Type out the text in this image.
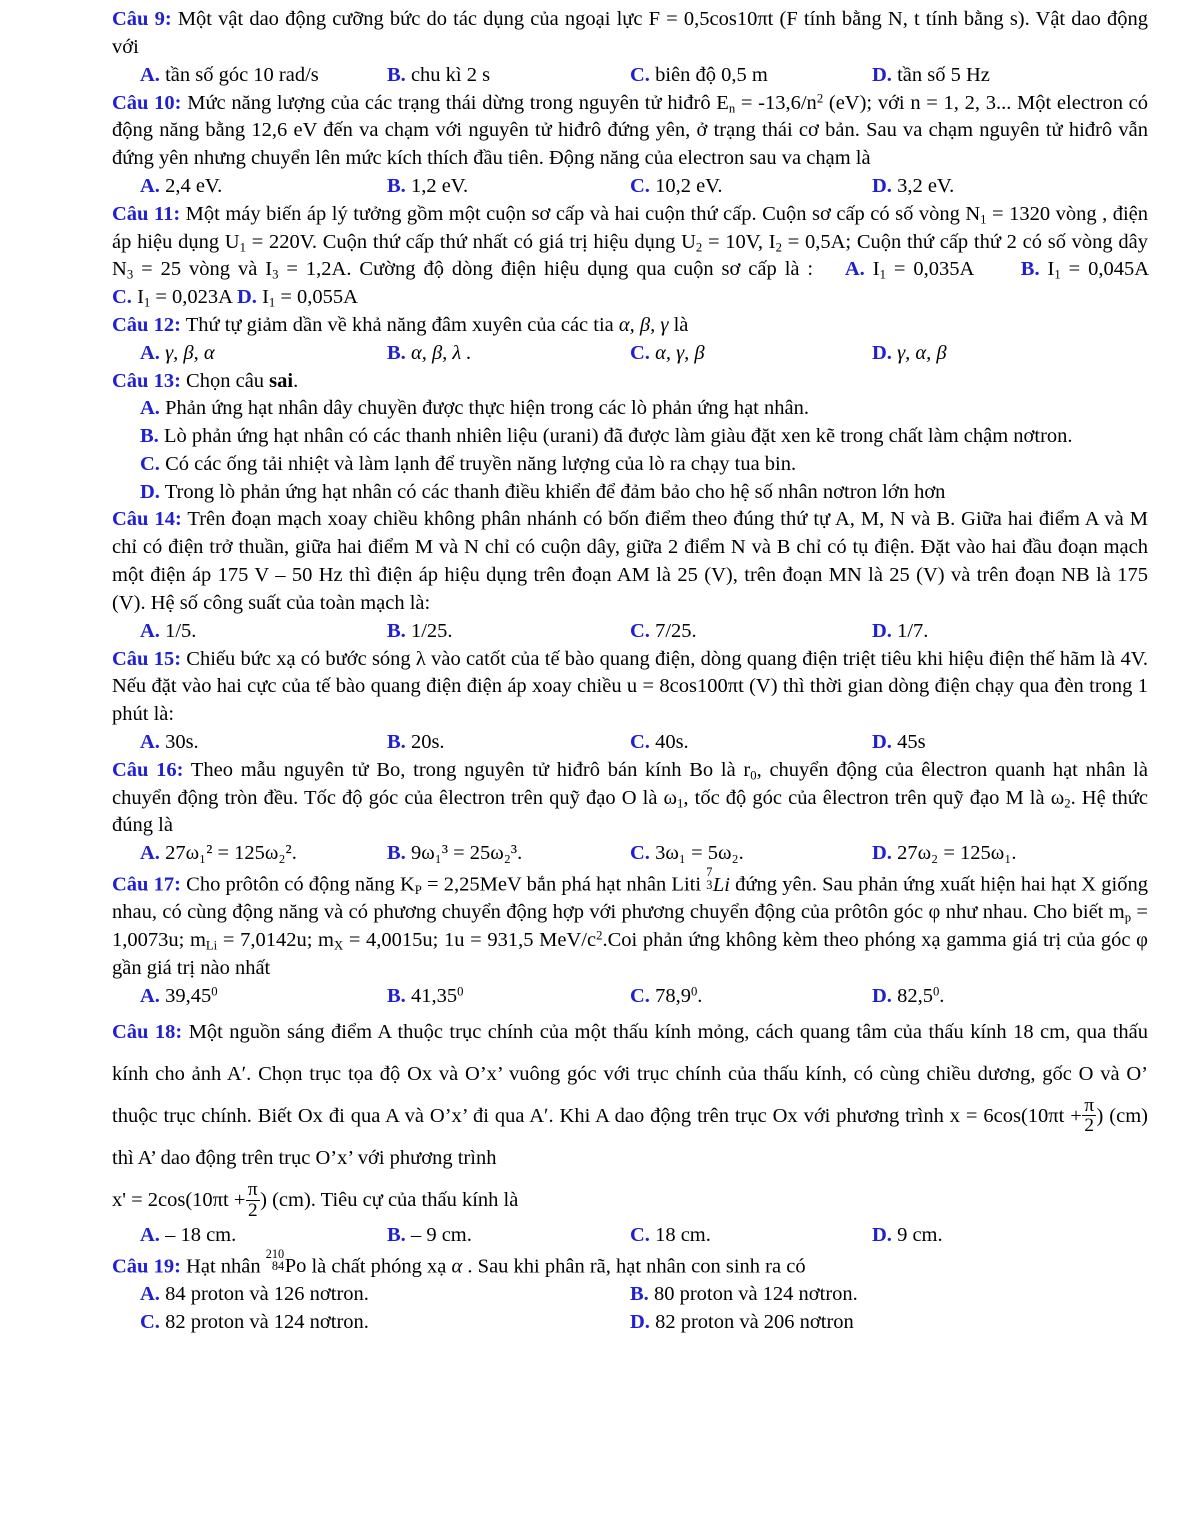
Câu 9: Một vật dao động cưỡng bức do tác dụng của ngoại lực F = 0,5cos10πt (F tính bằng N, t tính bằng s). Vật dao động với
A. tần số góc 10 rad/s	B. chu kì 2 s	C. biên độ 0,5 m	D. tần số 5 Hz
Câu 10: Mức năng lượng của các trạng thái dừng trong nguyên tử hiđrô $E_n = -13,6/n^2$ (eV); với n = 1, 2, 3... Một electron có động năng bằng 12,6 eV đến va chạm với nguyên tử hiđrô đứng yên, ở trạng thái cơ bản. Sau va chạm nguyên tử hiđrô vẫn đứng yên nhưng chuyển lên mức kích thích đầu tiên. Động năng của electron sau va chạm là
A. 2,4 eV.	B. 1,2 eV.	C. 10,2 eV.	D. 3,2 eV.
Câu 11: Một máy biến áp lý tưởng gồm một cuộn sơ cấp và hai cuộn thứ cấp. Cuộn sơ cấp có số vòng $N_1 = 1320$ vòng , điện áp hiệu dụng $U_1 = 220V$. Cuộn thứ cấp thứ nhất có giá trị hiệu dụng $U_2 = 10V$, $I_2 = 0,5A$; Cuộn thứ cấp thứ 2 có số vòng dây $N_3 = 25$ vòng và $I_3 = 1,2A$. Cường độ dòng điện hiệu dụng qua cuộn sơ cấp là : A. $I_1 = 0,035A$ B. $I_1 = 0,045A$ C. $I_1 = 0,023A$ D. $I_1 = 0,055A$
Câu 12: Thứ tự giảm dần về khả năng đâm xuyên của các tia α, β, γ là
A. γ, β, α	B. α, β, λ .	C. α, γ, β	D. γ, α, β
Câu 13: Chọn câu sai.
A. Phản ứng hạt nhân dây chuyền được thực hiện trong các lò phản ứng hạt nhân.
B. Lò phản ứng hạt nhân có các thanh nhiên liệu (urani) đã được làm giàu đặt xen kẽ trong chất làm chậm nơtron.
C. Có các ống tải nhiệt và làm lạnh để truyền năng lượng của lò ra chạy tua bin.
D. Trong lò phản ứng hạt nhân có các thanh điều khiển để đảm bảo cho hệ số nhân nơtron lớn hơn
Câu 14: Trên đoạn mạch xoay chiều không phân nhánh có bốn điểm theo đúng thứ tự A, M, N và B. Giữa hai điểm A và M chỉ có điện trở thuần, giữa hai điểm M và N chỉ có cuộn dây, giữa 2 điểm N và B chỉ có tụ điện. Đặt vào hai đầu đoạn mạch một điện áp 175 V – 50 Hz thì điện áp hiệu dụng trên đoạn AM là 25 (V), trên đoạn MN là 25 (V) và trên đoạn NB là 175 (V). Hệ số công suất của toàn mạch là:
A. 1/5.	B. 1/25.	C. 7/25.	D. 1/7.
Câu 15: Chiếu bức xạ có bước sóng λ vào catốt của tế bào quang điện, dòng quang điện triệt tiêu khi hiệu điện thế hãm là 4V. Nếu đặt vào hai cực của tế bào quang điện điện áp xoay chiều u = 8cos100πt (V) thì thời gian dòng điện chạy qua đèn trong 1 phút là:
A. 30s.	B. 20s.	C. 40s.	D. 45s
Câu 16: Theo mẫu nguyên tử Bo, trong nguyên tử hiđrô bán kính Bo là $r_0$, chuyển động của êlectron quanh hạt nhân là chuyển động tròn đều. Tốc độ góc của êlectron trên quỹ đạo O là $\omega_1$, tốc độ góc của êlectron trên quỹ đạo M là $\omega_2$. Hệ thức đúng là
A. 27ω₁² = 125ω₂².	B. 9ω₁³ = 25ω₂³.	C. 3ω₁ = 5ω₂.	D. 27ω₂ = 125ω₁.
Câu 17: Cho prôtôn có động năng $K_P = 2,25MeV$ bắn phá hạt nhân Liti
7
3 Li đứng yên. Sau phản ứng xuất hiện hai hạt X giống nhau, có cùng động năng và có phương chuyển động hợp với phương chuyển động của prôtôn góc φ như nhau. Cho biết $m_p = 1,0073u$; $m_{Li} = 7,0142u$; $m_X = 4,0015u$; 1u = 931,5 MeV/$c^2.Coi$ phản ứng không kèm theo phóng xạ gamma giá trị của góc φ gần giá trị nào nhất
A. 39,45$^0$	B. 41,35$^0$	C. 78,9$^0$.	D. 82,5$^0$.
Câu 18: Một nguồn sáng điểm A thuộc trục chính của một thấu kính mỏng, cách quang tâm của thấu kính 18 cm, qua thấu kính cho ảnh Aʹ. Chọn trục tọa độ Ox và O’x’ vuông góc với trục chính của thấu kính, có cùng chiều dương, gốc O và O’ thuộc trục chính. Biết Ox đi qua A và O’x’ đi qua Aʹ. Khi A dao động trên trục Ox với phương trình $x = 6\cos(10\pi t + \frac{\pi}{2}$ ) (cm) thì A’ dao động trên trục O’x’ với phương trình
$x' = 2\cos(10\pi t + \frac{\pi}{2}$ ) (cm). Tiêu cự của thấu kính là
A. – 18 cm.	B. – 9 cm.	C. 18 cm.	D. 9 cm.
Câu 19: Hạt nhân
210
84 Po là chất phóng xạ α . Sau khi phân rã, hạt nhân con sinh ra có
A. 84 proton và 126 nơtron.	B. 80 proton và 124 nơtron.
C. 82 proton và 124 nơtron.	D. 82 proton và 206 nơtron
